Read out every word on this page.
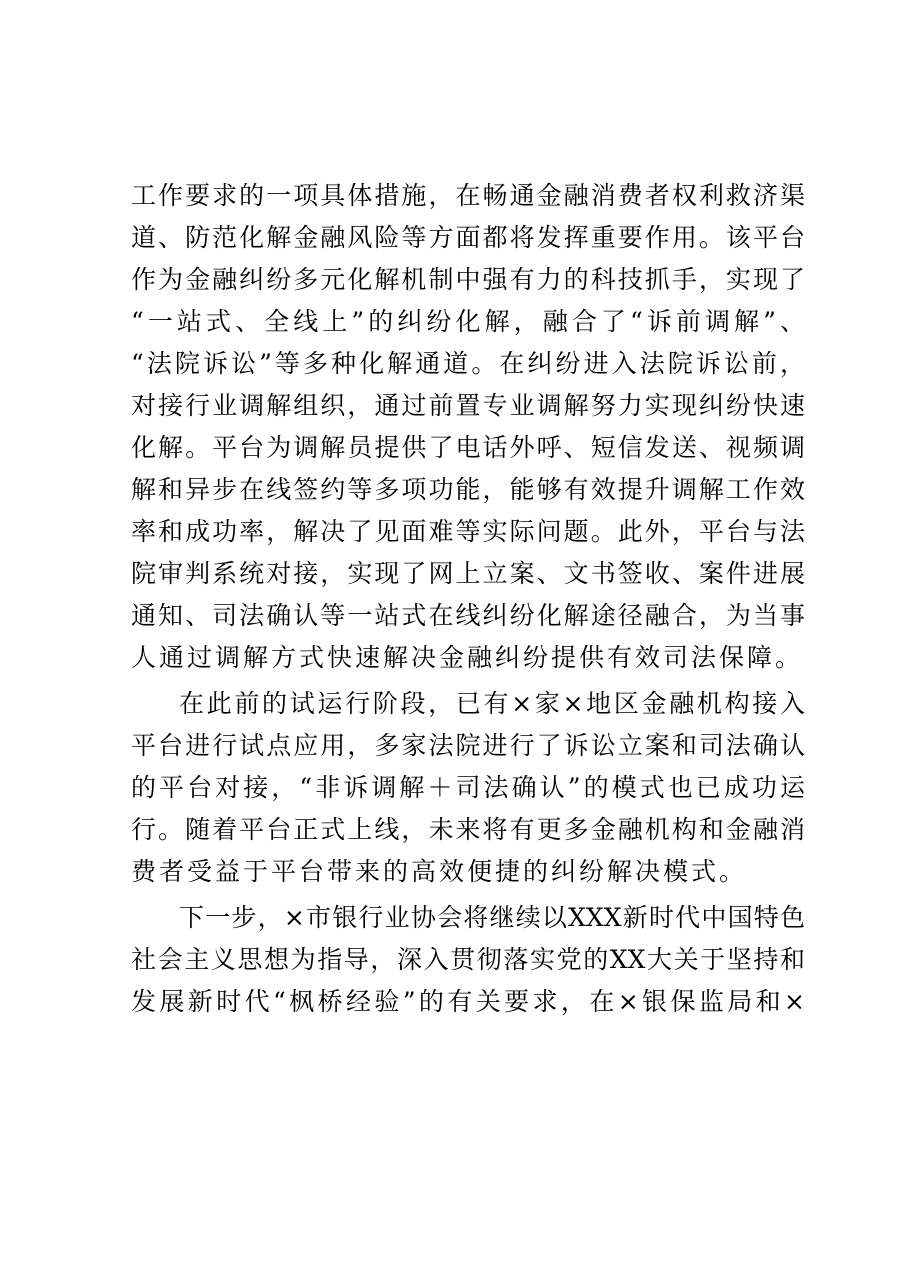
工作要求的一项具体措施，在畅通金融消费者权利救济渠
道、防范化解金融风险等方面都将发挥重要作用。该平台
作为金融纠纷多元化解机制中强有力的科技抓手，实现了
“一站式、全线上”的纠纷化解，融合了“诉前调解”、
“法院诉讼”等多种化解通道。在纠纷进入法院诉讼前，
对接行业调解组织，通过前置专业调解努力实现纠纷快速
化解。平台为调解员提供了电话外呼、短信发送、视频调
解和异步在线签约等多项功能，能够有效提升调解工作效
率和成功率，解决了见面难等实际问题。此外，平台与法
院审判系统对接，实现了网上立案、文书签收、案件进展
通知、司法确认等一站式在线纠纷化解途径融合，为当事
人通过调解方式快速解决金融纠纷提供有效司法保障。
在此前的试运行阶段，已有×家×地区金融机构接入
平台进行试点应用，多家法院进行了诉讼立案和司法确认
的平台对接，“非诉调解＋司法确认”的模式也已成功运
行。随着平台正式上线，未来将有更多金融机构和金融消
费者受益于平台带来的高效便捷的纠纷解决模式。
下一步，×市银行业协会将继续以XXX新时代中国特色
社会主义思想为指导，深入贯彻落实党的XX大关于坚持和
发展新时代“枫桥经验”的有关要求，在×银保监局和×
